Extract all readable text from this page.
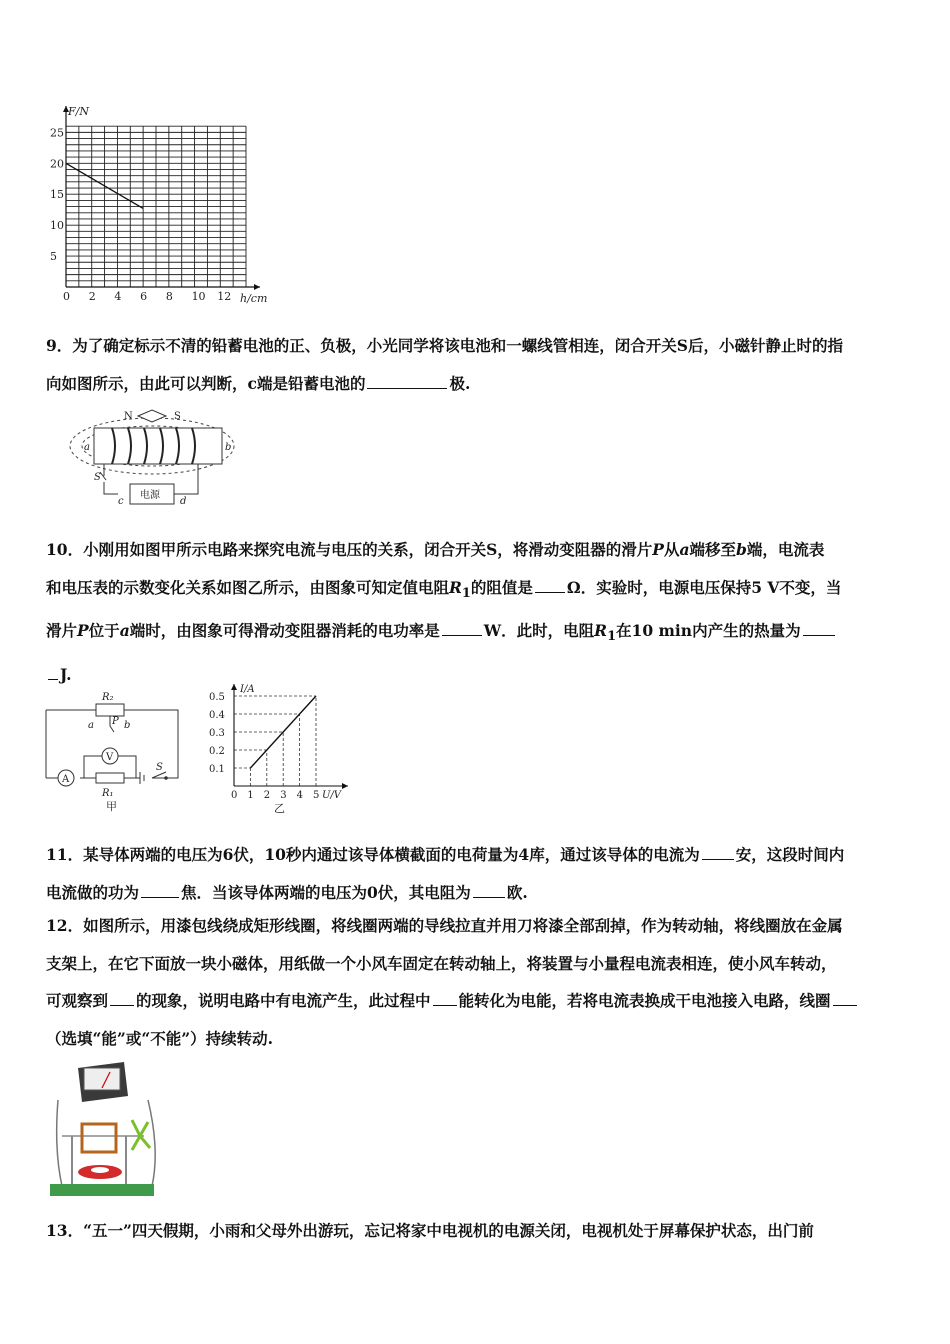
0 2 4 6 8 10 12
5
10
15
20
25
F/N
h/cm
9．为了确定标示不清的铅蓄电池的正、负极，小光同学将该电池和一螺线管相连，闭合开关S后，小磁针静止时的指
向如图所示，由此可以判断，c端是铅蓄电池的	极.
N	S
a	b
S
电源
c	d
10．小刚用如图甲所示电路来探究电流与电压的关系，闭合开关S，将滑动变阻器的滑片P从a端移至b端，电流表
和电压表的示数变化关系如图乙所示，由图象可知定值电阻$R_1$的阻值是 Ω．实验时，电源电压保持5 V不变，当
滑片P位于a端时，由图象可得滑动变阻器消耗的电功率是	W．此时，电阻$R_1$在10 min内产生的热量为
J.
R₂
a P b
V
A
S
R₁
甲
0 1 2 3 4 5
0.1
0.2
0.3
0.4
0.5
I/A
U/V
乙
11．某导体两端的电压为6伏，10秒内通过该导体横截面的电荷量为4库，通过该导体的电流为 安，这段时间内
电流做的功为	焦．当该导体两端的电压为0伏，其电阻为 欧.
12．如图所示，用漆包线绕成矩形线圈，将线圈两端的导线拉直并用刀将漆全部刮掉，作为转动轴，将线圈放在金属
支架上，在它下面放一块小磁体，用纸做一个小风车固定在转动轴上，将装置与小量程电流表相连，使小风车转动，
可观察到 的现象，说明电路中有电流产生，此过程中 能转化为电能，若将电流表换成干电池接入电路，线圈
（选填“能”或“不能”）持续转动.
13．“五一”四天假期，小雨和父母外出游玩，忘记将家中电视机的电源关闭，电视机处于屏幕保护状态，出门前
